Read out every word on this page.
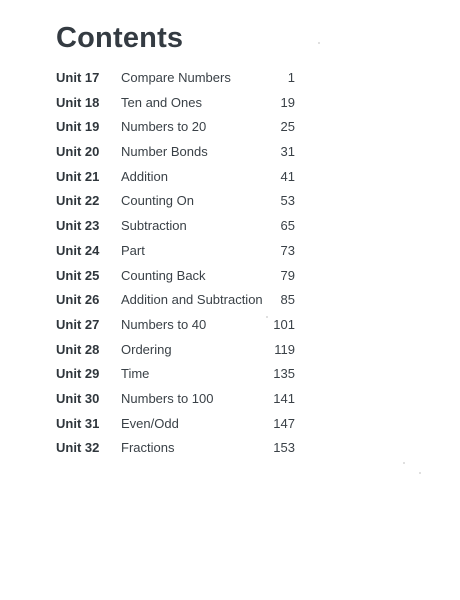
Contents
Unit 17 Compare Numbers	1
Unit 18 Ten and Ones	19
Unit 19 Numbers to 20	25
Unit 20 Number Bonds	31
Unit 21 Addition	41
Unit 22 Counting On	53
Unit 23 Subtraction	65
Unit 24 Part	73
Unit 25 Counting Back	79
Unit 26 Addition and Subtraction 85
Unit 27 Numbers to 40	101
Unit 28 Ordering	119
Unit 29 Time	135
Unit 30 Numbers to 100	141
Unit 31 Even/Odd	147
Unit 32 Fractions	153
